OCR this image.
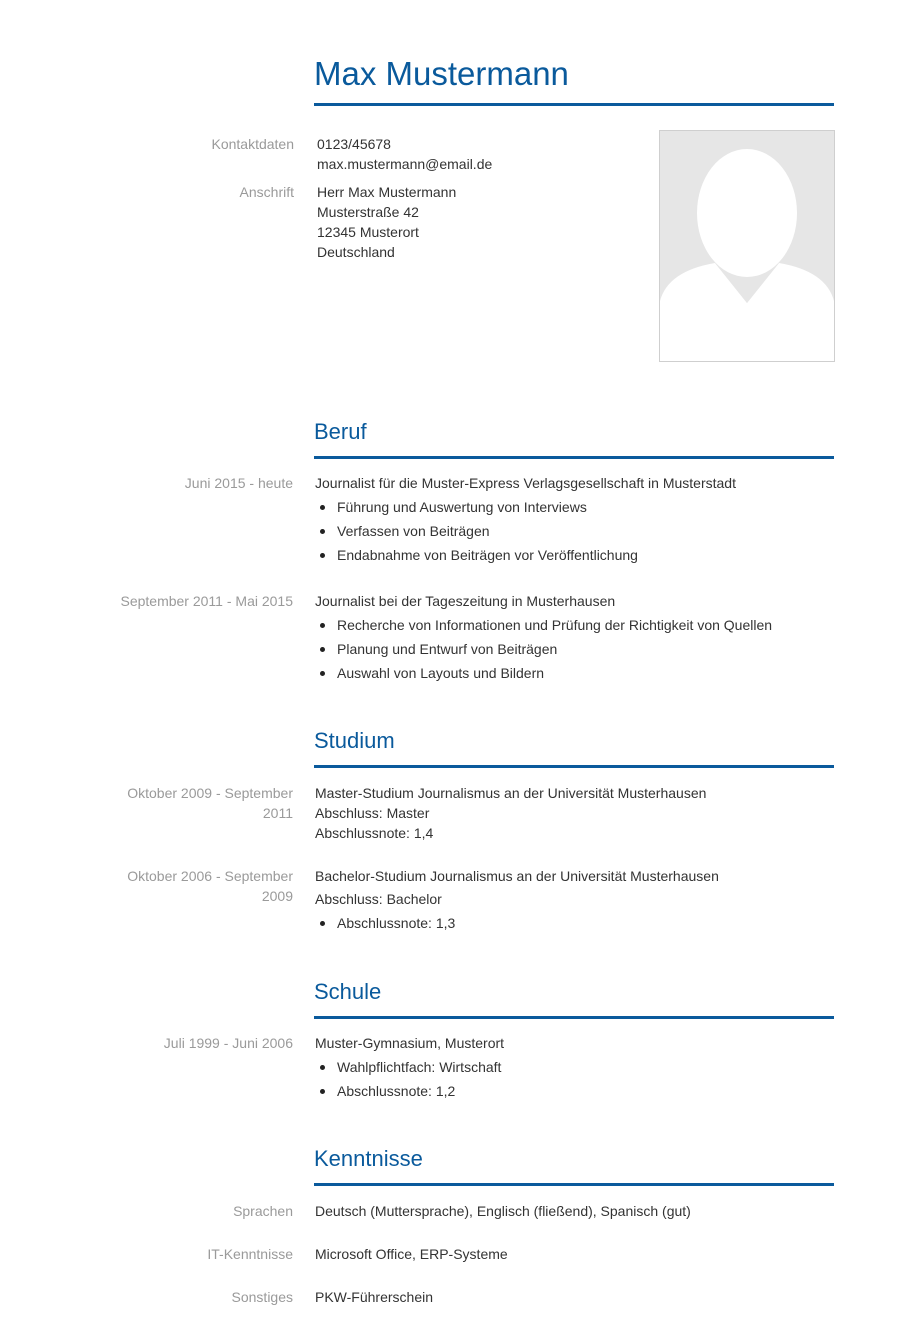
Max Mustermann
Kontaktdaten 0123/45678
max.mustermann@email.de
Anschrift Herr Max Mustermann
Musterstraße 42
12345 Musterort
Deutschland
Beruf
Juni 2015 - heute Journalist für die Muster-Express Verlagsgesellschaft in Musterstadt
Führung und Auswertung von Interviews
Verfassen von Beiträgen
Endabnahme von Beiträgen vor Veröffentlichung
September 2011 - Mai 2015 Journalist bei der Tageszeitung in Musterhausen
Recherche von Informationen und Prüfung der Richtigkeit von Quellen
Planung und Entwurf von Beiträgen
Auswahl von Layouts und Bildern
Studium
Oktober 2009 - September
2011
Master-Studium Journalismus an der Universität Musterhausen
Abschluss: Master
Abschlussnote: 1,4
Oktober 2006 - September
2009
Bachelor-Studium Journalismus an der Universität Musterhausen
Abschluss: Bachelor
Abschlussnote: 1,3
Schule
Juli 1999 - Juni 2006 Muster-Gymnasium, Musterort
Wahlpflichtfach: Wirtschaft
Abschlussnote: 1,2
Kenntnisse
Sprachen Deutsch (Muttersprache), Englisch (fließend), Spanisch (gut)
IT-Kenntnisse Microsoft Office, ERP-Systeme
Sonstiges PKW-Führerschein
